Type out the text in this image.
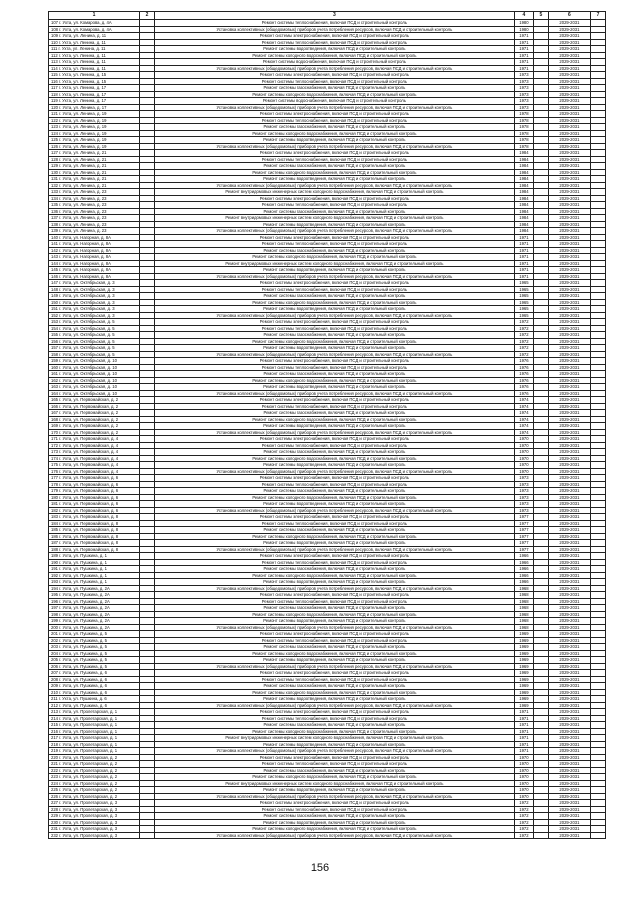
1	2	3	4	5	6	7
107 г. Ухта, ул. Комарова, д. 4А		Ремонт системы теплоснабжения, включая ПСД и строительный контроль	1980		2029-2031	
108 г. Ухта, ул. Комарова, д. 4А		Установка коллективных (общедомовых) приборов учета потребления ресурсов, включая ПСД и строительный контроль	1980		2029-2031	
109 г. Ухта, ул. Ленина, д. 11		Ремонт системы электроснабжения, включая ПСД и строительный контроль	1971		2029-2031	
110 г. Ухта, ул. Ленина, д. 11		Ремонт системы теплоснабжения, включая ПСД и строительный контроль	1971		2029-2031	
111 г. Ухта, ул. Ленина, д. 11		Ремонт системы водоотведения, включая ПСД и строительный контроль	1971		2029-2031	
112 г. Ухта, ул. Ленина, д. 11		Ремонт системы холодного водоснабжения, включая ПСД и строительный контроль	1971		2029-2031	
113 г. Ухта, ул. Ленина, д. 11		Ремонт системы водоснабжения, включая ПСД и строительный контроль	1971		2029-2031	
114 г. Ухта, ул. Ленина, д. 11		Установка коллективных (общедомовых) приборов учета потребления ресурсов, включая ПСД и строительный контроль	1971		2029-2031	
115 г. Ухта, ул. Ленина, д. 15		Ремонт системы электроснабжения, включая ПСД и строительный контроль	1973		2029-2031	
116 г. Ухта, ул. Ленина, д. 15		Ремонт системы теплоснабжения, включая ПСД и строительный контроль	1973		2029-2031	
117 г. Ухта, ул. Ленина, д. 17		Ремонт системы газоснабжения, включая ПСД и строительный контроль	1973		2029-2031	
118 г. Ухта, ул. Ленина, д. 17		Ремонт системы холодного водоснабжения, включая ПСД и строительный контроль	1973		2029-2031	
119 г. Ухта, ул. Ленина, д. 17		Ремонт системы водоснабжения, включая ПСД и строительный контроль	1973		2029-2031	
120 г. Ухта, ул. Ленина, д. 17		Установка коллективных (общедомовых) приборов учета потребления ресурсов, включая ПСД и строительный контроль	1973		2029-2031	
121 г. Ухта, ул. Ленина, д. 19		Ремонт системы электроснабжения, включая ПСД и строительный контроль	1978		2029-2031	
122 г. Ухта, ул. Ленина, д. 19		Ремонт системы теплоснабжения, включая ПСД и строительный контроль	1978		2029-2031	
123 г. Ухта, ул. Ленина, д. 19		Ремонт системы газоснабжения, включая ПСД и строительный контроль	1978		2029-2031	
124 г. Ухта, ул. Ленина, д. 19		Ремонт системы холодного водоснабжения, включая ПСД и строительный контроль	1978		2029-2031	
125 г. Ухта, ул. Ленина, д. 19		Ремонт системы водоотведения, включая ПСД и строительный контроль	1978		2029-2031	
126 г. Ухта, ул. Ленина, д. 19		Установка коллективных (общедомовых) приборов учета потребления ресурсов, включая ПСД и строительный контроль	1978		2029-2031	
127 г. Ухта, ул. Ленина, д. 21		Ремонт системы электроснабжения, включая ПСД и строительный контроль	1984		2029-2031	
128 г. Ухта, ул. Ленина, д. 21		Ремонт системы теплоснабжения, включая ПСД и строительный контроль	1984		2029-2031	
129 г. Ухта, ул. Ленина, д. 21		Ремонт системы газоснабжения, включая ПСД и строительный контроль	1984		2029-2031	
130 г. Ухта, ул. Ленина, д. 21		Ремонт системы холодного водоснабжения, включая ПСД и строительный контроль	1984		2029-2031	
131 г. Ухта, ул. Ленина, д. 21		Ремонт системы водоотведения, включая ПСД и строительный контроль	1984		2029-2031	
132 г. Ухта, ул. Ленина, д. 21		Установка коллективных (общедомовых) приборов учета потребления ресурсов, включая ПСД и строительный контроль	1984		2029-2031	
133 г. Ухта, ул. Ленина, д. 23		Ремонт внутридомовых инженерных систем холодного водоснабжения, включая ПСД и строительный контроль	1984		2029-2031	
134 г. Ухта, ул. Ленина, д. 23		Ремонт системы электроснабжения, включая ПСД и строительный контроль	1984		2029-2031	
135 г. Ухта, ул. Ленина, д. 23		Ремонт системы теплоснабжения, включая ПСД и строительный контроль	1984		2029-2031	
136 г. Ухта, ул. Ленина, д. 23		Ремонт системы газоснабжения, включая ПСД и строительный контроль	1984		2029-2031	
137 г. Ухта, ул. Ленина, д. 23		Ремонт внутридомовых инженерных систем холодного водоснабжения, включая ПСД и строительный контроль	1984		2029-2031	
138 г. Ухта, ул. Ленина, д. 23		Ремонт системы водоотведения, включая ПСД и строительный контроль	1984		2029-2031	
139 г. Ухта, ул. Ленина, д. 23		Установка коллективных (общедомовых) приборов учета потребления ресурсов, включая ПСД и строительный контроль	1984		2029-2031	
140 г. Ухта, ул. Нагорная, д. 8А		Ремонт системы электроснабжения, включая ПСД и строительный контроль	1971		2029-2031	
141 г. Ухта, ул. Нагорная, д. 8А		Ремонт системы теплоснабжения, включая ПСД и строительный контроль	1971		2029-2031	
142 г. Ухта, ул. Нагорная, д. 8А		Ремонт системы газоснабжения, включая ПСД и строительный контроль	1971		2029-2031	
143 г. Ухта, ул. Нагорная, д. 8А		Ремонт системы холодного водоснабжения, включая ПСД и строительный контроль	1971		2029-2031	
144 г. Ухта, ул. Нагорная, д. 8А		Ремонт внутридомовых инженерных систем холодного водоснабжения, включая ПСД и строительный контроль	1971		2029-2031	
145 г. Ухта, ул. Нагорная, д. 8А		Ремонт системы водоотведения, включая ПСД и строительный контроль	1971		2029-2031	
146 г. Ухта, ул. Нагорная, д. 8А		Установка коллективных (общедомовых) приборов учета потребления ресурсов, включая ПСД и строительный контроль	1971		2029-2031	
147 г. Ухта, ул. Октябрьская, д. 3		Ремонт системы электроснабжения, включая ПСД и строительный контроль	1965		2029-2031	
148 г. Ухта, ул. Октябрьская, д. 3		Ремонт системы теплоснабжения, включая ПСД и строительный контроль	1965		2029-2031	
149 г. Ухта, ул. Октябрьская, д. 3		Ремонт системы газоснабжения, включая ПСД и строительный контроль	1965		2029-2031	
150 г. Ухта, ул. Октябрьская, д. 3		Ремонт системы холодного водоснабжения, включая ПСД и строительный контроль	1965		2029-2031	
151 г. Ухта, ул. Октябрьская, д. 3		Ремонт системы водоотведения, включая ПСД и строительный контроль	1965		2029-2031	
152 г. Ухта, ул. Октябрьская, д. 3		Установка коллективных (общедомовых) приборов учета потребления ресурсов, включая ПСД и строительный контроль	1965		2029-2031	
153 г. Ухта, ул. Октябрьская, д. 5		Ремонт системы электроснабжения, включая ПСД и строительный контроль	1972		2029-2031	
154 г. Ухта, ул. Октябрьская, д. 5		Ремонт системы теплоснабжения, включая ПСД и строительный контроль	1972		2029-2031	
155 г. Ухта, ул. Октябрьская, д. 5		Ремонт системы газоснабжения, включая ПСД и строительный контроль	1972		2029-2031	
156 г. Ухта, ул. Октябрьская, д. 5		Ремонт системы холодного водоснабжения, включая ПСД и строительный контроль	1972		2029-2031	
157 г. Ухта, ул. Октябрьская, д. 5		Ремонт системы водоотведения, включая ПСД и строительный контроль	1972		2029-2031	
158 г. Ухта, ул. Октябрьская, д. 5		Установка коллективных (общедомовых) приборов учета потребления ресурсов, включая ПСД и строительный контроль	1972		2029-2031	
159 г. Ухта, ул. Октябрьская, д. 10		Ремонт системы электроснабжения, включая ПСД и строительный контроль	1976		2029-2031	
160 г. Ухта, ул. Октябрьская, д. 10		Ремонт системы теплоснабжения, включая ПСД и строительный контроль	1976		2029-2031	
161 г. Ухта, ул. Октябрьская, д. 10		Ремонт системы газоснабжения, включая ПСД и строительный контроль	1976		2029-2031	
162 г. Ухта, ул. Октябрьская, д. 10		Ремонт системы холодного водоснабжения, включая ПСД и строительный контроль	1976		2029-2031	
163 г. Ухта, ул. Октябрьская, д. 10		Ремонт системы водоотведения, включая ПСД и строительный контроль	1976		2029-2031	
164 г. Ухта, ул. Октябрьская, д. 10		Установка коллективных (общедомовых) приборов учета потребления ресурсов, включая ПСД и строительный контроль	1976		2029-2031	
165 г. Ухта, ул. Первомайская, д. 2		Ремонт системы электроснабжения, включая ПСД и строительный контроль	1974		2029-2031	
166 г. Ухта, ул. Первомайская, д. 2		Ремонт системы теплоснабжения, включая ПСД и строительный контроль	1974		2029-2031	
167 г. Ухта, ул. Первомайская, д. 2		Ремонт системы газоснабжения, включая ПСД и строительный контроль	1974		2029-2031	
168 г. Ухта, ул. Первомайская, д. 2		Ремонт системы холодного водоснабжения, включая ПСД и строительный контроль	1974		2029-2031	
169 г. Ухта, ул. Первомайская, д. 2		Ремонт системы водоотведения, включая ПСД и строительный контроль	1974		2029-2031	
170 г. Ухта, ул. Первомайская, д. 2		Установка коллективных (общедомовых) приборов учета потребления ресурсов, включая ПСД и строительный контроль	1974		2029-2031	
171 г. Ухта, ул. Первомайская, д. 4		Ремонт системы электроснабжения, включая ПСД и строительный контроль	1970		2029-2031	
172 г. Ухта, ул. Первомайская, д. 4		Ремонт системы теплоснабжения, включая ПСД и строительный контроль	1970		2029-2031	
173 г. Ухта, ул. Первомайская, д. 4		Ремонт системы газоснабжения, включая ПСД и строительный контроль	1970		2029-2031	
174 г. Ухта, ул. Первомайская, д. 4		Ремонт системы холодного водоснабжения, включая ПСД и строительный контроль	1970		2029-2031	
175 г. Ухта, ул. Первомайская, д. 4		Ремонт системы водоотведения, включая ПСД и строительный контроль	1970		2029-2031	
176 г. Ухта, ул. Первомайская, д. 4		Установка коллективных (общедомовых) приборов учета потребления ресурсов, включая ПСД и строительный контроль	1970		2029-2031	
177 г. Ухта, ул. Первомайская, д. 6		Ремонт системы электроснабжения, включая ПСД и строительный контроль	1973		2029-2031	
178 г. Ухта, ул. Первомайская, д. 6		Ремонт системы теплоснабжения, включая ПСД и строительный контроль	1973		2029-2031	
179 г. Ухта, ул. Первомайская, д. 6		Ремонт системы газоснабжения, включая ПСД и строительный контроль	1973		2029-2031	
180 г. Ухта, ул. Первомайская, д. 6		Ремонт системы холодного водоснабжения, включая ПСД и строительный контроль	1973		2029-2031	
181 г. Ухта, ул. Первомайская, д. 6		Ремонт системы водоотведения, включая ПСД и строительный контроль	1973		2029-2031	
182 г. Ухта, ул. Первомайская, д. 6		Установка коллективных (общедомовых) приборов учета потребления ресурсов, включая ПСД и строительный контроль	1973		2029-2031	
183 г. Ухта, ул. Первомайская, д. 8		Ремонт системы электроснабжения, включая ПСД и строительный контроль	1977		2029-2031	
184 г. Ухта, ул. Первомайская, д. 8		Ремонт системы теплоснабжения, включая ПСД и строительный контроль	1977		2029-2031	
185 г. Ухта, ул. Первомайская, д. 8		Ремонт системы газоснабжения, включая ПСД и строительный контроль	1977		2029-2031	
186 г. Ухта, ул. Первомайская, д. 8		Ремонт системы холодного водоснабжения, включая ПСД и строительный контроль	1977		2029-2031	
187 г. Ухта, ул. Первомайская, д. 8		Ремонт системы водоотведения, включая ПСД и строительный контроль	1977		2029-2031	
188 г. Ухта, ул. Первомайская, д. 8		Установка коллективных (общедомовых) приборов учета потребления ресурсов, включая ПСД и строительный контроль	1977		2029-2031	
189 г. Ухта, ул. Пушкина, д. 1		Ремонт системы электроснабжения, включая ПСД и строительный контроль	1966		2029-2031	
190 г. Ухта, ул. Пушкина, д. 1		Ремонт системы теплоснабжения, включая ПСД и строительный контроль	1966		2029-2031	
191 г. Ухта, ул. Пушкина, д. 1		Ремонт системы газоснабжения, включая ПСД и строительный контроль	1966		2029-2031	
192 г. Ухта, ул. Пушкина, д. 1		Ремонт системы холодного водоснабжения, включая ПСД и строительный контроль	1966		2029-2031	
193 г. Ухта, ул. Пушкина, д. 1		Ремонт системы водоотведения, включая ПСД и строительный контроль	1966		2029-2031	
194 г. Ухта, ул. Пушкина, д. 2А		Установка коллективных (общедомовых) приборов учета потребления ресурсов, включая ПСД и строительный контроль	1968		2029-2031	
195 г. Ухта, ул. Пушкина, д. 2А		Ремонт системы электроснабжения, включая ПСД и строительный контроль	1968		2029-2031	
196 г. Ухта, ул. Пушкина, д. 2А		Ремонт системы теплоснабжения, включая ПСД и строительный контроль	1968		2029-2031	
197 г. Ухта, ул. Пушкина, д. 2А		Ремонт системы газоснабжения, включая ПСД и строительный контроль	1968		2029-2031	
198 г. Ухта, ул. Пушкина, д. 2А		Ремонт системы холодного водоснабжения, включая ПСД и строительный контроль	1968		2029-2031	
199 г. Ухта, ул. Пушкина, д. 2А		Ремонт системы водоотведения, включая ПСД и строительный контроль	1968		2029-2031	
200 г. Ухта, ул. Пушкина, д. 2А		Установка коллективных (общедомовых) приборов учета потребления ресурсов, включая ПСД и строительный контроль	1968		2029-2031	
201 г. Ухта, ул. Пушкина, д. 5		Ремонт системы электроснабжения, включая ПСД и строительный контроль	1969		2029-2031	
202 г. Ухта, ул. Пушкина, д. 5		Ремонт системы теплоснабжения, включая ПСД и строительный контроль	1969		2029-2031	
203 г. Ухта, ул. Пушкина, д. 5		Ремонт системы газоснабжения, включая ПСД и строительный контроль	1969		2029-2031	
204 г. Ухта, ул. Пушкина, д. 5		Ремонт системы холодного водоснабжения, включая ПСД и строительный контроль	1969		2029-2031	
205 г. Ухта, ул. Пушкина, д. 5		Ремонт системы водоотведения, включая ПСД и строительный контроль	1969		2029-2031	
206 г. Ухта, ул. Пушкина, д. 5		Установка коллективных (общедомовых) приборов учета потребления ресурсов, включая ПСД и строительный контроль	1969		2029-2031	
207 г. Ухта, ул. Пушкина, д. 6		Ремонт системы электроснабжения, включая ПСД и строительный контроль	1969		2029-2031	
208 г. Ухта, ул. Пушкина, д. 6		Ремонт системы теплоснабжения, включая ПСД и строительный контроль	1969		2029-2031	
209 г. Ухта, ул. Пушкина, д. 6		Ремонт системы газоснабжения, включая ПСД и строительный контроль	1969		2029-2031	
210 г. Ухта, ул. Пушкина, д. 6		Ремонт системы холодного водоснабжения, включая ПСД и строительный контроль	1969		2029-2031	
211 г. Ухта, ул. Пушкина, д. 6		Ремонт системы водоотведения, включая ПСД и строительный контроль	1969		2029-2031	
212 г. Ухта, ул. Пушкина, д. 6		Установка коллективных (общедомовых) приборов учета потребления ресурсов, включая ПСД и строительный контроль	1969		2029-2031	
213 г. Ухта, ул. Пролетарская, д. 1		Ремонт системы электроснабжения, включая ПСД и строительный контроль	1971		2029-2031	
214 г. Ухта, ул. Пролетарская, д. 1		Ремонт системы теплоснабжения, включая ПСД и строительный контроль	1971		2029-2031	
215 г. Ухта, ул. Пролетарская, д. 1		Ремонт системы газоснабжения, включая ПСД и строительный контроль	1971		2029-2031	
216 г. Ухта, ул. Пролетарская, д. 1		Ремонт системы холодного водоснабжения, включая ПСД и строительный контроль	1971		2029-2031	
217 г. Ухта, ул. Пролетарская, д. 1		Ремонт внутридомовых инженерных систем холодного водоснабжения, включая ПСД и строительный контроль	1971		2029-2031	
218 г. Ухта, ул. Пролетарская, д. 1		Ремонт системы водоотведения, включая ПСД и строительный контроль	1971		2029-2031	
219 г. Ухта, ул. Пролетарская, д. 1		Установка коллективных (общедомовых) приборов учета потребления ресурсов, включая ПСД и строительный контроль	1971		2029-2031	
220 г. Ухта, ул. Пролетарская, д. 2		Ремонт системы электроснабжения, включая ПСД и строительный контроль	1970		2029-2031	
221 г. Ухта, ул. Пролетарская, д. 2		Ремонт системы теплоснабжения, включая ПСД и строительный контроль	1970		2029-2031	
222 г. Ухта, ул. Пролетарская, д. 2		Ремонт системы газоснабжения, включая ПСД и строительный контроль	1970		2029-2031	
223 г. Ухта, ул. Пролетарская, д. 2		Ремонт системы холодного водоснабжения, включая ПСД и строительный контроль	1970		2029-2031	
224 г. Ухта, ул. Пролетарская, д. 2		Ремонт внутридомовых инженерных систем холодного водоснабжения, включая ПСД и строительный контроль	1970		2029-2031	
225 г. Ухта, ул. Пролетарская, д. 2		Ремонт системы водоотведения, включая ПСД и строительный контроль	1970		2029-2031	
226 г. Ухта, ул. Пролетарская, д. 2		Установка коллективных (общедомовых) приборов учета потребления ресурсов, включая ПСД и строительный контроль	1970		2029-2031	
227 г. Ухта, ул. Пролетарская, д. 3		Ремонт системы электроснабжения, включая ПСД и строительный контроль	1972		2029-2031	
228 г. Ухта, ул. Пролетарская, д. 3		Ремонт системы теплоснабжения, включая ПСД и строительный контроль	1972		2029-2031	
229 г. Ухта, ул. Пролетарская, д. 3		Ремонт системы газоснабжения, включая ПСД и строительный контроль	1972		2029-2031	
230 г. Ухта, ул. Пролетарская, д. 3		Ремонт системы водоотведения, включая ПСД и строительный контроль	1972		2029-2031	
231 г. Ухта, ул. Пролетарская, д. 3		Ремонт системы холодного водоснабжения, включая ПСД и строительный контроль	1972		2029-2031	
232 г. Ухта, ул. Пролетарская, д. 3		Установка коллективных (общедомовых) приборов учета потребления ресурсов, включая ПСД и строительный контроль	1972		2029-2031	
156
